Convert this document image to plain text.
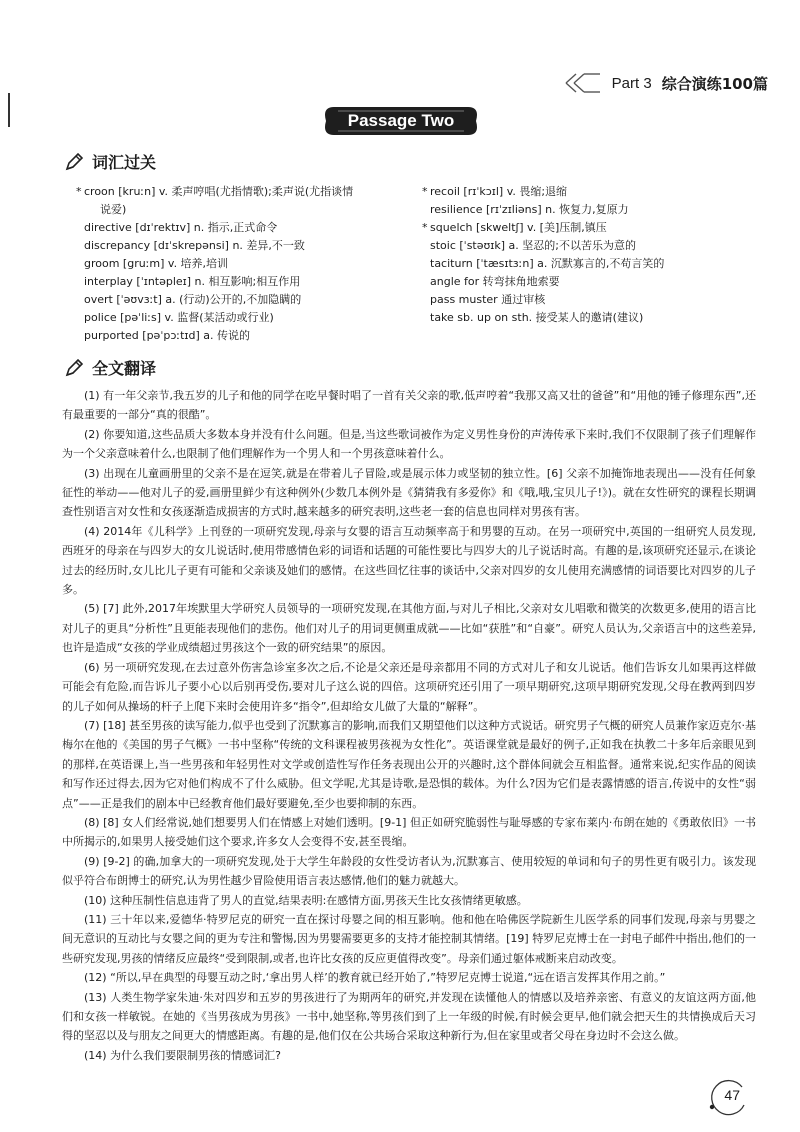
Part 3 综合演练100篇
Passage Two
词汇过关
* croon [kruːn] v. 柔声哼唱(尤指情歌);柔声说(尤指谈情
说爱)
directive [dɪˈrektɪv] n. 指示,正式命令
discrepancy [dɪˈskrepənsi] n. 差异,不一致
groom [gruːm] v. 培养,培训
interplay [ˈɪntəpleɪ] n. 相互影响;相互作用
overt [ˈəʊvɜːt] a. (行动)公开的,不加隐瞒的
police [pəˈliːs] v. 监督(某活动或行业)
purported [pəˈpɔːtɪd] a. 传说的
* recoil [rɪˈkɔɪl] v. 畏缩;退缩
resilience [rɪˈzɪliəns] n. 恢复力,复原力
* squelch [skweltʃ] v. [美]压制,镇压
stoic [ˈstəʊɪk] a. 坚忍的;不以苦乐为意的
taciturn [ˈtæsɪtɜːn] a. 沉默寡言的,不苟言笑的
angle for 转弯抹角地索要
pass muster 通过审核
take sb. up on sth. 接受某人的邀请(建议)
全文翻译

(1) 有一年父亲节,我五岁的儿子和他的同学在吃早餐时唱了一首有关父亲的歌,低声哼着“我那又高又壮的爸爸”和“用他的锤子修理东西”,还有最重要的一部分“真的很酷”。

(2) 你要知道,这些品质大多数本身并没有什么问题。但是,当这些歌词被作为定义男性身份的声涛传承下来时,我们不仅限制了孩子们理解作为一个父亲意味着什么,也限制了他们理解作为一个男人和一个男孩意味着什么。

(3) 出现在儿童画册里的父亲不是在逗笑,就是在带着儿子冒险,或是展示体力或坚韧的独立性。[6] 父亲不加掩饰地表现出——没有任何象征性的举动——他对儿子的爱,画册里鲜少有这种例外(少数几本例外是《猜猜我有多爱你》和《哦,哦,宝贝儿子!》)。就在女性研究的课程长期调查性别语言对女性和女孩逐渐造成损害的方式时,越来越多的研究表明,这些老一套的信息也同样对男孩有害。

(4) 2014年《儿科学》上刊登的一项研究发现,母亲与女婴的语言互动频率高于和男婴的互动。在另一项研究中,英国的一组研究人员发现,西班牙的母亲在与四岁大的女儿说话时,使用带感情色彩的词语和话题的可能性要比与四岁大的儿子说话时高。有趣的是,该项研究还显示,在谈论过去的经历时,女儿比儿子更有可能和父亲谈及她们的感情。在这些回忆往事的谈话中,父亲对四岁的女儿使用充满感情的词语要比对四岁的儿子多。

(5) [7] 此外,2017年埃默里大学研究人员领导的一项研究发现,在其他方面,与对儿子相比,父亲对女儿唱歌和微笑的次数更多,使用的语言比对儿子的更具“分析性”且更能表现他们的悲伤。他们对儿子的用词更侧重成就——比如“获胜”和“自豪”。研究人员认为,父亲语言中的这些差异,也许是造成“女孩的学业成绩超过男孩这个一致的研究结果”的原因。

(6) 另一项研究发现,在去过意外伤害急诊室多次之后,不论是父亲还是母亲都用不同的方式对儿子和女儿说话。他们告诉女儿如果再这样做可能会有危险,而告诉儿子要小心以后别再受伤,要对儿子这么说的四倍。这项研究还引用了一项早期研究,这项早期研究发现,父母在教两到四岁的儿子如何从操场的杆子上爬下来时会使用许多“指令”,但却给女儿做了大量的“解释”。

(7) [18] 甚至男孩的读写能力,似乎也受到了沉默寡言的影响,而我们又期望他们以这种方式说话。研究男子气概的研究人员兼作家迈克尔·基梅尔在他的《美国的男子气概》一书中坚称“传统的文科课程被男孩视为女性化”。英语课堂就是最好的例子,正如我在执教二十多年后亲眼见到的那样,在英语课上,当一些男孩和年轻男性对文学或创造性写作任务表现出公开的兴趣时,这个群体间就会互相监督。通常来说,纪实作品的阅读和写作还过得去,因为它对他们构成不了什么威胁。但文学呢,尤其是诗歌,是恐惧的载体。为什么?因为它们是表露情感的语言,传说中的女性“弱点”——正是我们的剧本中已经教育他们最好要避免,至少也要抑制的东西。

(8) [8] 女人们经常说,她们想要男人们在情感上对她们透明。[9-1] 但正如研究脆弱性与耻辱感的专家布莱内·布朗在她的《勇敢依旧》一书中所揭示的,如果男人接受她们这个要求,许多女人会变得不安,甚至畏缩。

(9) [9-2] 的确,加拿大的一项研究发现,处于大学生年龄段的女性受访者认为,沉默寡言、使用较短的单词和句子的男性更有吸引力。该发现似乎符合布朗博士的研究,认为男性越少冒险使用语言表达感情,他们的魅力就越大。

(10) 这种压制性信息违背了男人的直觉,结果表明:在感情方面,男孩天生比女孩情绪更敏感。

(11) 三十年以来,爱德华·特罗尼克的研究一直在探讨母婴之间的相互影响。他和他在哈佛医学院新生儿医学系的同事们发现,母亲与男婴之间无意识的互动比与女婴之间的更为专注和警惕,因为男婴需要更多的支持才能控制其情绪。[19] 特罗尼克博士在一封电子邮件中指出,他们的一些研究发现,男孩的情绪反应最终“受到限制,或者,也许比女孩的反应更值得改变”。母亲们通过躯体戒断来启动改变。

(12) “所以,早在典型的母婴互动之时,‘拿出男人样’的教育就已经开始了,”特罗尼克博士说道,“远在语言发挥其作用之前。”

(13) 人类生物学家朱迪·朱对四岁和五岁的男孩进行了为期两年的研究,并发现在读懂他人的情感以及培养亲密、有意义的友谊这两方面,他们和女孩一样敏锐。在她的《当男孩成为男孩》一书中,她坚称,等男孩们到了上一年级的时候,有时候会更早,他们就会把天生的共情换成后天习得的坚忍以及与朋友之间更大的情感距离。有趣的是,他们仅在公共场合采取这种新行为,但在家里或者父母在身边时不会这么做。

(14) 为什么我们要限制男孩的情感词汇?

47
